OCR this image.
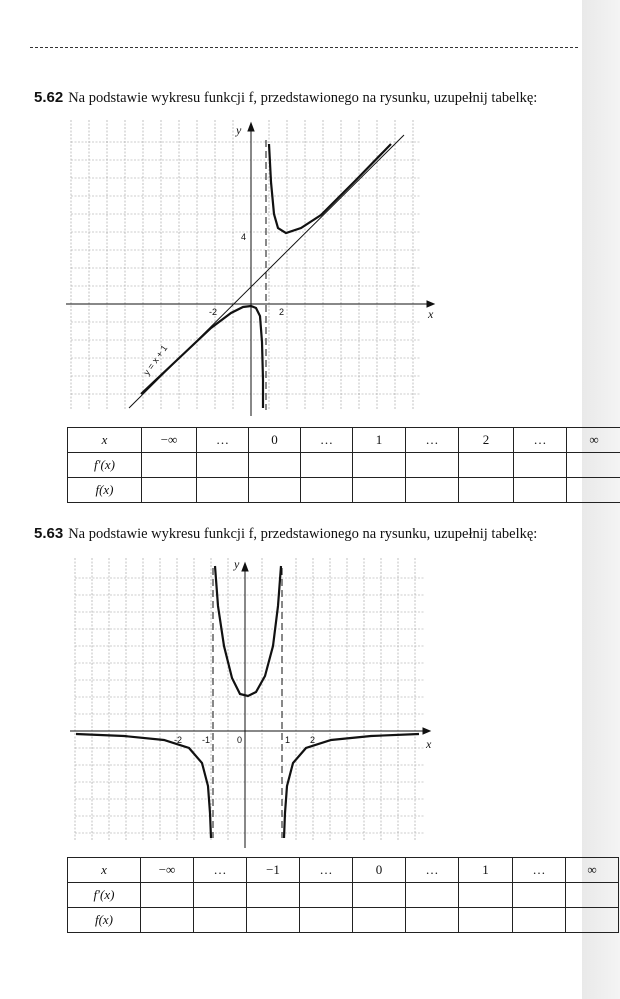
5.62 Na podstawie wykresu funkcji f, przedstawionego na rysunku, uzupełnij tabelkę:
y
x
-2	2
4
y = x + 1
x	−∞	…	0	…	1	…	2	…	∞
f′(x)									
f(x)									
5.63 Na podstawie wykresu funkcji f, przedstawionego na rysunku, uzupełnij tabelkę:
y
x
-2 -1	0	1 2
x	−∞	…	−1	…	0	…	1	…	∞
f′(x)									
f(x)									
